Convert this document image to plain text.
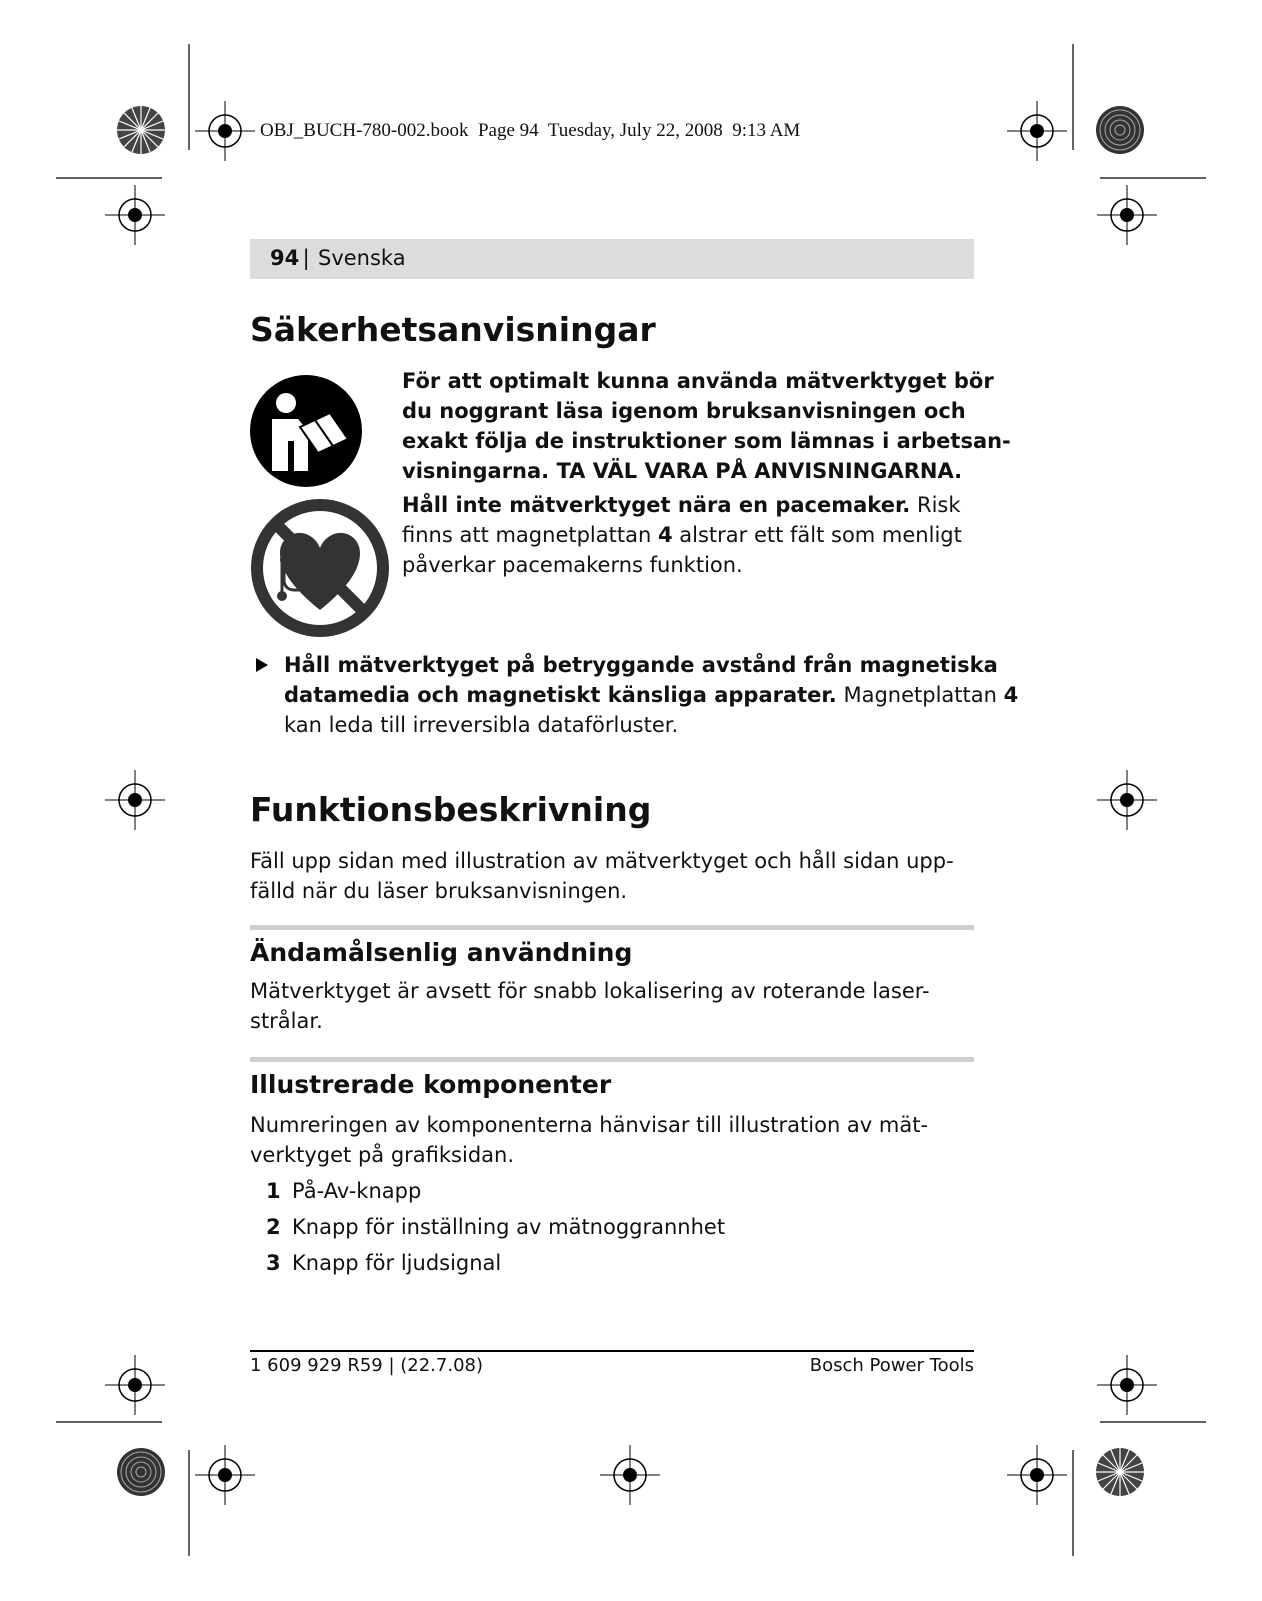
OBJ_BUCH-780-002.book  Page 94  Tuesday, July 22, 2008  9:13 AM
94
| Svenska
Säkerhetsanvisningar

För att optimalt kunna använda mätverktyget bör

du noggrant läsa igenom bruksanvisningen och

exakt följa de instruktioner som lämnas i arbetsan-

visningarna. TA VÄL VARA PÅ ANVISNINGARNA.

Håll inte mätverktyget nära en pacemaker. Risk

finns att magnetplattan 4 alstrar ett fält som menligt

påverkar pacemakerns funktion.

Håll mätverktyget på betryggande avstånd från magnetiska

datamedia och magnetiskt känsliga apparater. Magnetplattan 4

kan leda till irreversibla dataförluster.

Funktionsbeskrivning

Fäll upp sidan med illustration av mätverktyget och håll sidan upp-

fälld när du läser bruksanvisningen.

Ändamålsenlig användning

Mätverktyget är avsett för snabb lokalisering av roterande laser-

strålar.

Illustrerade komponenter

Numreringen av komponenterna hänvisar till illustration av mät-

verktyget på grafiksidan.

1 På-Av-knapp
2 Knapp för inställning av mätnoggrannhet
3 Knapp för ljudsignal
1 609 929 R59 | (22.7.08)	Bosch Power Tools
